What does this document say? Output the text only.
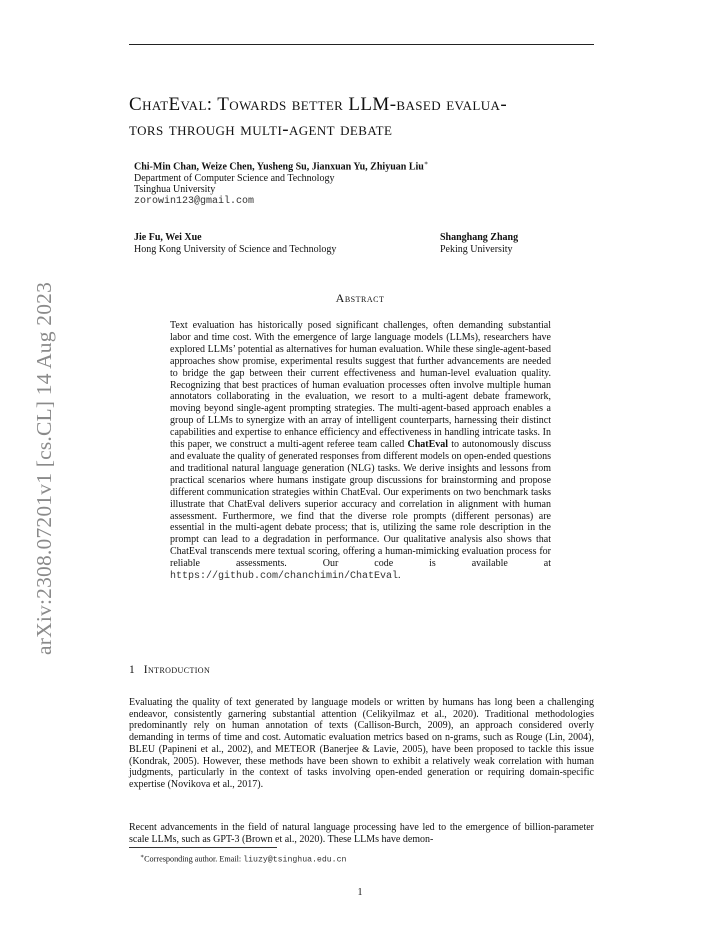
arXiv:2308.07201v1 [cs.CL] 14 Aug 2023
ChatEval: Towards better LLM-based evalua-
tors through multi-agent debate
Chi-Min Chan, Weize Chen, Yusheng Su, Jianxuan Yu, Zhiyuan Liu∗
Department of Computer Science and Technology
Tsinghua University
zorowin123@gmail.com
Jie Fu, Wei Xue
Hong Kong University of Science and Technology
Shanghang Zhang
Peking University
Abstract

Text evaluation has historically posed significant challenges, often demanding substantial labor and time cost. With the emergence of large language models (LLMs), researchers have explored LLMs’ potential as alternatives for human evaluation. While these single-agent-based approaches show promise, experimental results suggest that further advancements are needed to bridge the gap between their current effectiveness and human-level evaluation quality. Recognizing that best practices of human evaluation processes often involve multiple human annotators collaborating in the evaluation, we resort to a multi-agent debate framework, moving beyond single-agent prompting strategies. The multi-agent-based approach enables a group of LLMs to synergize with an array of intelligent counterparts, harnessing their distinct capabilities and expertise to enhance efficiency and effectiveness in handling intricate tasks. In this paper, we construct a multi-agent referee team called ChatEval to autonomously discuss and evaluate the quality of generated responses from different models on open-ended questions and traditional natural language generation (NLG) tasks. We derive insights and lessons from practical scenarios where humans instigate group discussions for brainstorming and propose different communication strategies within ChatEval. Our experiments on two benchmark tasks illustrate that ChatEval delivers superior accuracy and correlation in alignment with human assessment. Furthermore, we find that the diverse role prompts (different personas) are essential in the multi-agent debate process; that is, utilizing the same role description in the prompt can lead to a degradation in performance. Our qualitative analysis also shows that ChatEval transcends mere textual scoring, offering a human-mimicking evaluation process for reliable assessments. Our code is available at https://github.com/chanchimin/ChatEval.

1 Introduction

Evaluating the quality of text generated by language models or written by humans has long been a challenging endeavor, consistently garnering substantial attention (Celikyilmaz et al., 2020). Traditional methodologies predominantly rely on human annotation of texts (Callison-Burch, 2009), an approach considered overly demanding in terms of time and cost. Automatic evaluation metrics based on n-grams, such as Rouge (Lin, 2004), BLEU (Papineni et al., 2002), and METEOR (Banerjee & Lavie, 2005), have been proposed to tackle this issue (Kondrak, 2005). However, these methods have been shown to exhibit a relatively weak correlation with human judgments, particularly in the context of tasks involving open-ended generation or requiring domain-specific expertise (Novikova et al., 2017).

Recent advancements in the field of natural language processing have led to the emergence of billion-parameter scale LLMs, such as GPT-3 (Brown et al., 2020). These LLMs have demon-

∗Corresponding author. Email: liuzy@tsinghua.edu.cn
1
